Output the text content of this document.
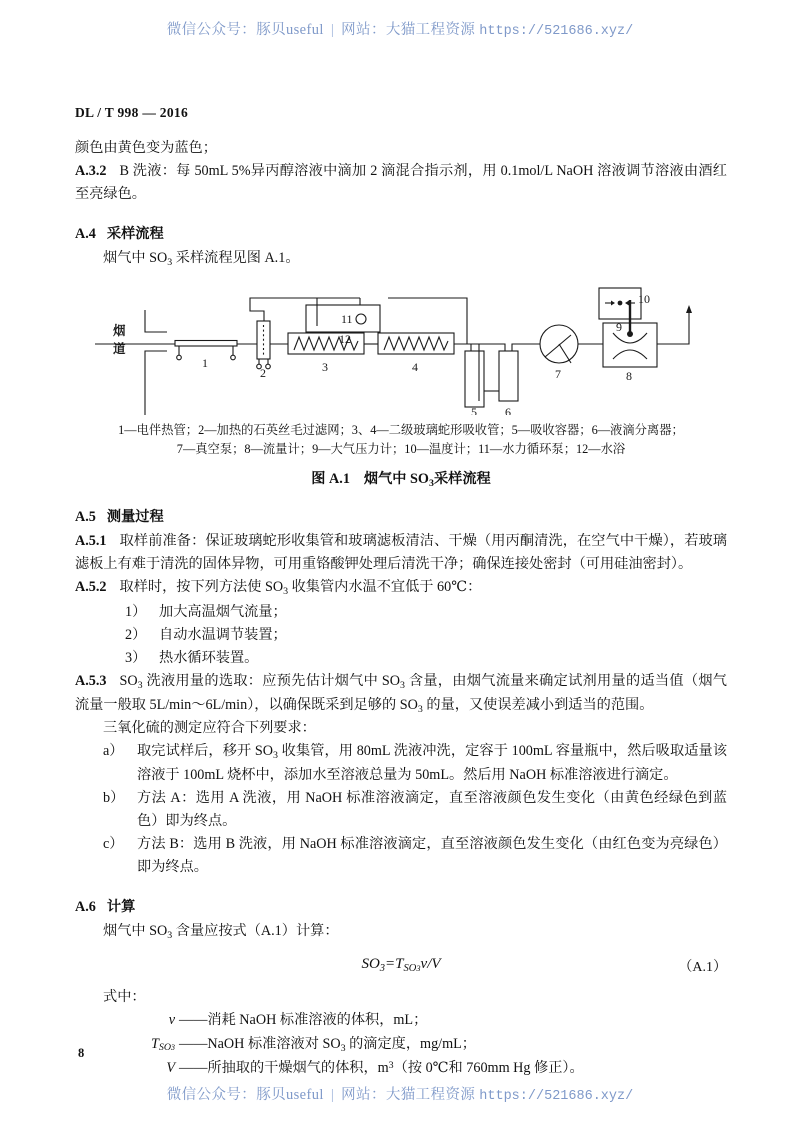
微信公众号：豚贝useful | 网站：大猫工程资源 https://521686.xyz/
DL / T 998 — 2016
颜色由黄色变为蓝色；
A.3.2 B 洗液：每 50mL 5%异丙醇溶液中滴加 2 滴混合指示剂，用 0.1mol/L NaOH 溶液调节溶液由酒红至亮绿色。
A.4 采样流程
烟气中 $SO_3$ 采样流程见图 A.1。
烟
道
1
2	3	4
5 6
7	8
9
10
11
12
1—电伴热管；2—加热的石英丝毛过滤网；3、4—二级玻璃蛇形吸收管；5—吸收容器；6—液滴分离器；
7—真空泵；8—流量计；9—大气压力计；10—温度计；11—水力循环泵；12—水浴
图 A.1 烟气中 $SO_3$采样流程
A.5 测量过程
A.5.1 取样前准备：保证玻璃蛇形收集管和玻璃滤板清洁、干燥（用丙酮清洗，在空气中干燥），若玻璃滤板上有难于清洗的固体异物，可用重铬酸钾处理后清洗干净；确保连接处密封（可用硅油密封）。
A.5.2 取样时，按下列方法使 $SO_3$ 收集管内水温不宜低于 60℃：
1） 加大高温烟气流量；
2） 自动水温调节装置；
3） 热水循环装置。
A.5.3 $SO_3$ 洗液用量的选取：应预先估计烟气中 $SO_3$ 含量，由烟气流量来确定试剂用量的适当值（烟气流量一般取 5L/min～6L/min），以确保既采到足够的 $SO_3$ 的量，又使误差减小到适当的范围。
三氧化硫的测定应符合下列要求：
a） 取完试样后，移开 $SO_3$ 收集管，用 80mL 洗液冲洗，定容于 100mL 容量瓶中，然后吸取适量该溶液于 100mL 烧杯中，添加水至溶液总量为 50mL。然后用 NaOH 标准溶液进行滴定。
b） 方法 A：选用 A 洗液，用 NaOH 标准溶液滴定，直至溶液颜色发生变化（由黄色经绿色到蓝色）即为终点。
c） 方法 B：选用 B 洗液，用 NaOH 标准溶液滴定，直至溶液颜色发生变化（由红色变为亮绿色）即为终点。
A.6 计算
烟气中 $SO_3$ 含量应按式（A.1）计算：
$SO_3=T_{SO3}v/V$	（A.1）
式中：
v ——消耗 NaOH 标准溶液的体积，mL；
$T_{SO3}$ ——NaOH 标准溶液对 $SO_3$ 的滴定度，mg/mL；
V ——所抽取的干燥烟气的体积，$m^3$（按 0℃和 760mm Hg 修正）。
8
微信公众号：豚贝useful | 网站：大猫工程资源 https://521686.xyz/
